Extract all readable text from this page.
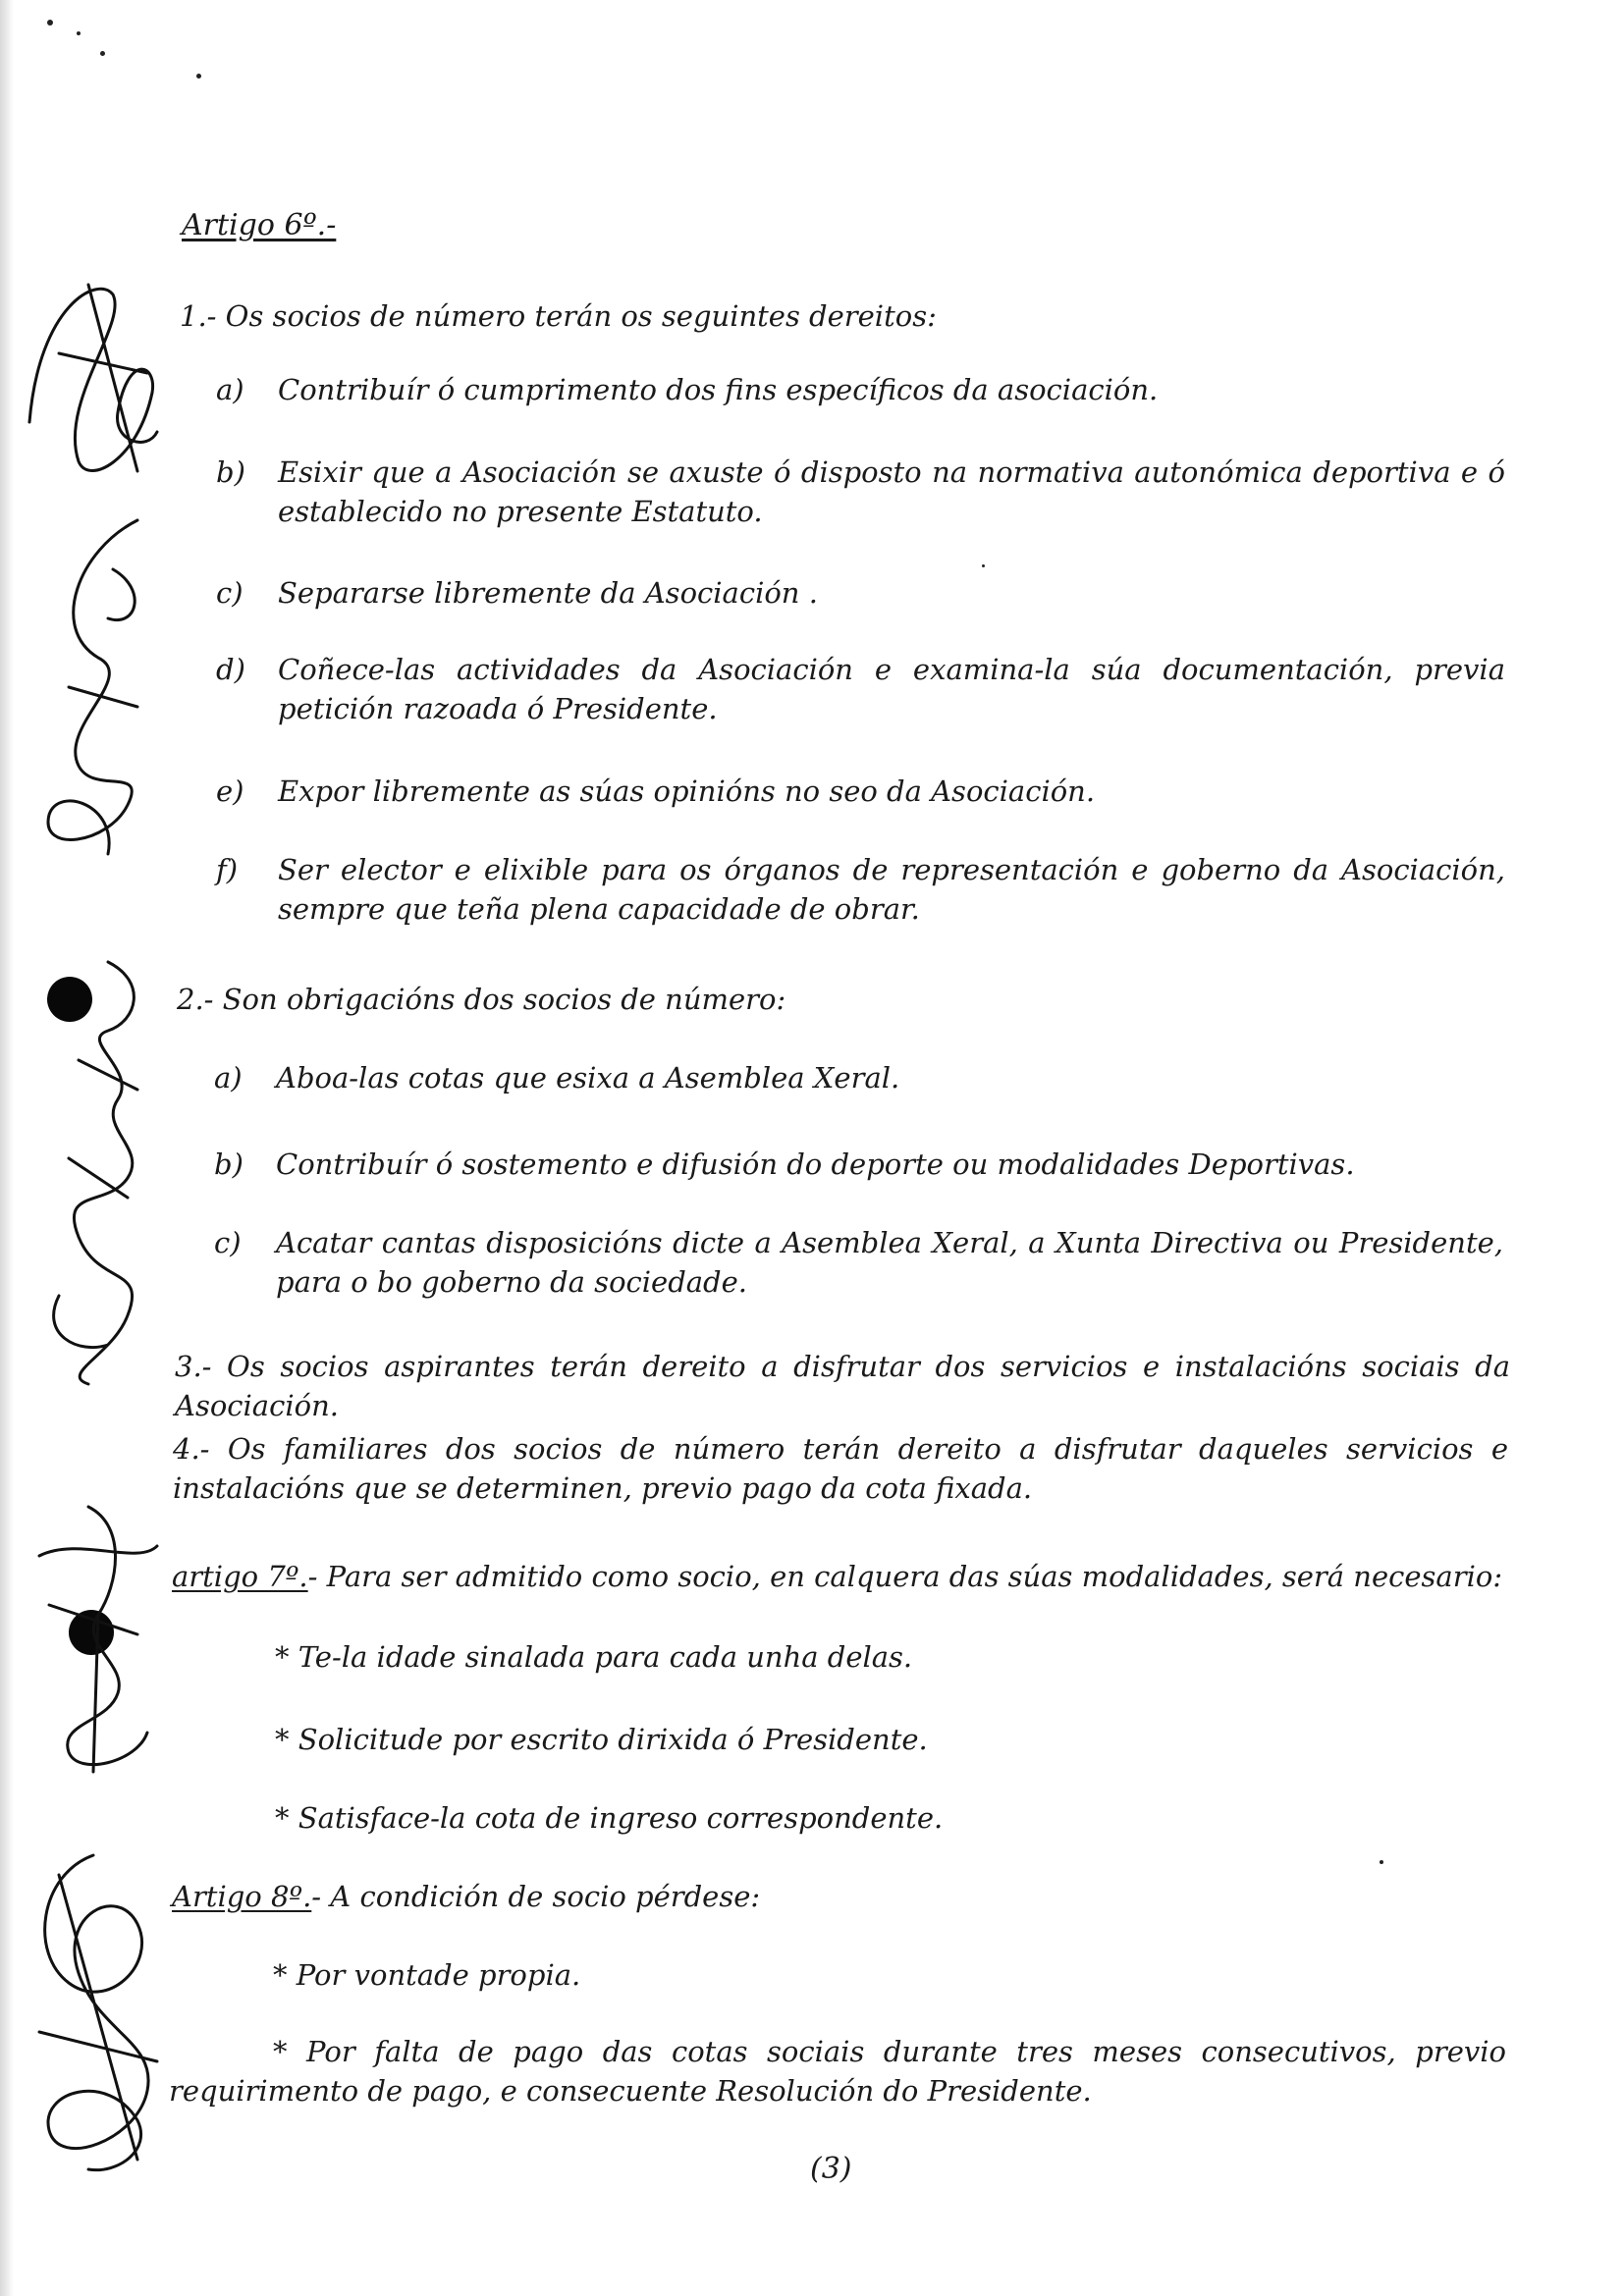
Artigo 6º.-
1.- Os socios de número terán os seguintes dereitos:
a) Contribuír ó cumprimento dos fins específicos da asociación.
b) Esixir que a Asociación se axuste ó disposto na normativa autonómica deportiva e ó establecido no presente Estatuto.
c) Separarse libremente da Asociación .
d) Coñece-las actividades da Asociación e examina-la súa documentación, previa petición razoada ó Presidente.
e) Expor libremente as súas opinións no seo da Asociación.
f) Ser elector e elixible para os órganos de representación e goberno da Asociación, sempre que teña plena capacidade de obrar.
2.- Son obrigacións dos socios de número:
a) Aboa-las cotas que esixa a Asemblea Xeral.
b) Contribuír ó sostemento e difusión do deporte ou modalidades Deportivas.
c) Acatar cantas disposicións dicte a Asemblea Xeral, a Xunta Directiva ou Presidente, para o bo goberno da sociedade.
3.- Os socios aspirantes terán dereito a disfrutar dos servicios e instalacións sociais da Asociación.
4.- Os familiares dos socios de número terán dereito a disfrutar daqueles servicios e instalacións que se determinen, previo pago da cota fixada.
artigo 7º.- Para ser admitido como socio, en calquera das súas modalidades, será necesario:
* Te-la idade sinalada para cada unha delas.
* Solicitude por escrito dirixida ó Presidente.
* Satisface-la cota de ingreso correspondente.
Artigo 8º.- A condición de socio pérdese:
* Por vontade propia.
* Por falta de pago das cotas sociais durante tres meses consecutivos, previo requirimento de pago, e consecuente Resolución do Presidente.
(3)
